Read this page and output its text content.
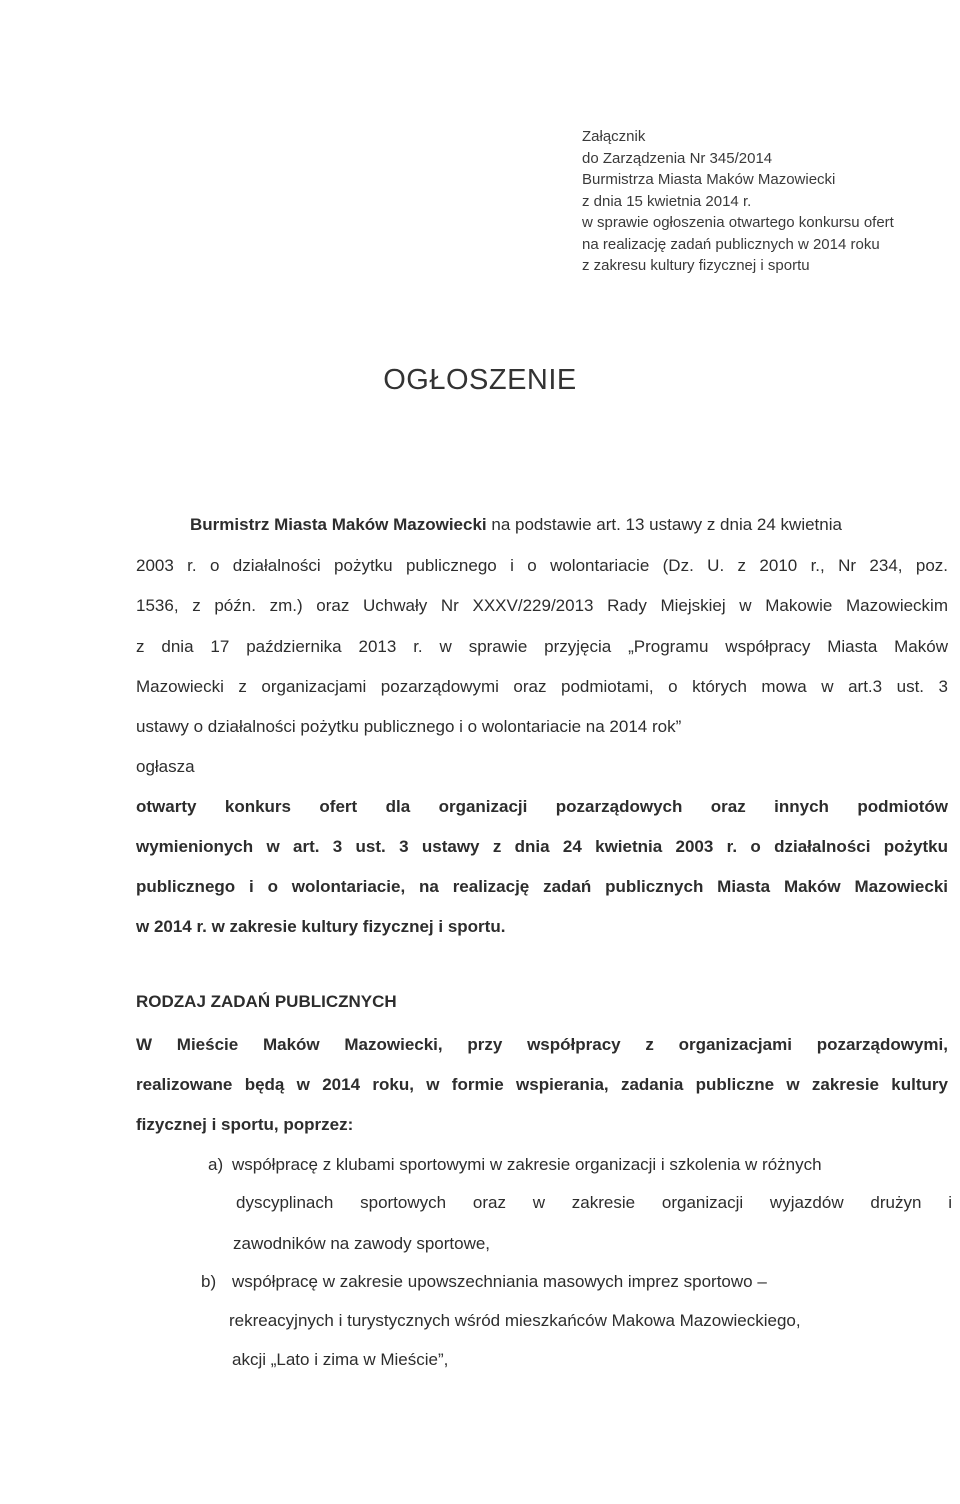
Załącznik
do Zarządzenia Nr 345/2014
Burmistrza Miasta Maków Mazowiecki
z dnia 15 kwietnia 2014 r.
w sprawie ogłoszenia otwartego konkursu ofert
na realizację zadań publicznych w 2014 roku
z zakresu kultury fizycznej i sportu
OGŁOSZENIE
Burmistrz Miasta Maków Mazowiecki na podstawie art. 13 ustawy z dnia 24 kwietnia
2003 r. o działalności pożytku publicznego i o wolontariacie (Dz. U. z 2010 r., Nr 234, poz.
1536, z późn. zm.) oraz Uchwały Nr XXXV/229/2013 Rady Miejskiej w Makowie Mazowieckim
z dnia 17 października 2013 r. w sprawie przyjęcia „Programu współpracy Miasta Maków
Mazowiecki z organizacjami pozarządowymi oraz podmiotami, o których mowa w art.3 ust. 3
ustawy o działalności pożytku publicznego i o wolontariacie na 2014 rok”
ogłasza
otwarty konkurs ofert dla organizacji pozarządowych oraz innych podmiotów
wymienionych w art. 3 ust. 3 ustawy z dnia 24 kwietnia 2003 r. o działalności pożytku
publicznego i o wolontariacie, na realizację zadań publicznych Miasta Maków Mazowiecki
w 2014 r. w zakresie kultury fizycznej i sportu.
RODZAJ ZADAŃ PUBLICZNYCH
W Mieście Maków Mazowiecki, przy współpracy z organizacjami pozarządowymi,
realizowane będą w 2014 roku, w formie wspierania, zadania publiczne w zakresie kultury
fizycznej i sportu, poprzez:
a) współpracę z klubami sportowymi w zakresie organizacji i szkolenia w różnych
dyscyplinach sportowych oraz w zakresie organizacji wyjazdów drużyn i
zawodników na zawody sportowe,
b) współpracę w zakresie upowszechniania masowych imprez sportowo –
rekreacyjnych i turystycznych wśród mieszkańców Makowa Mazowieckiego,
akcji „Lato i zima w Mieście”,
